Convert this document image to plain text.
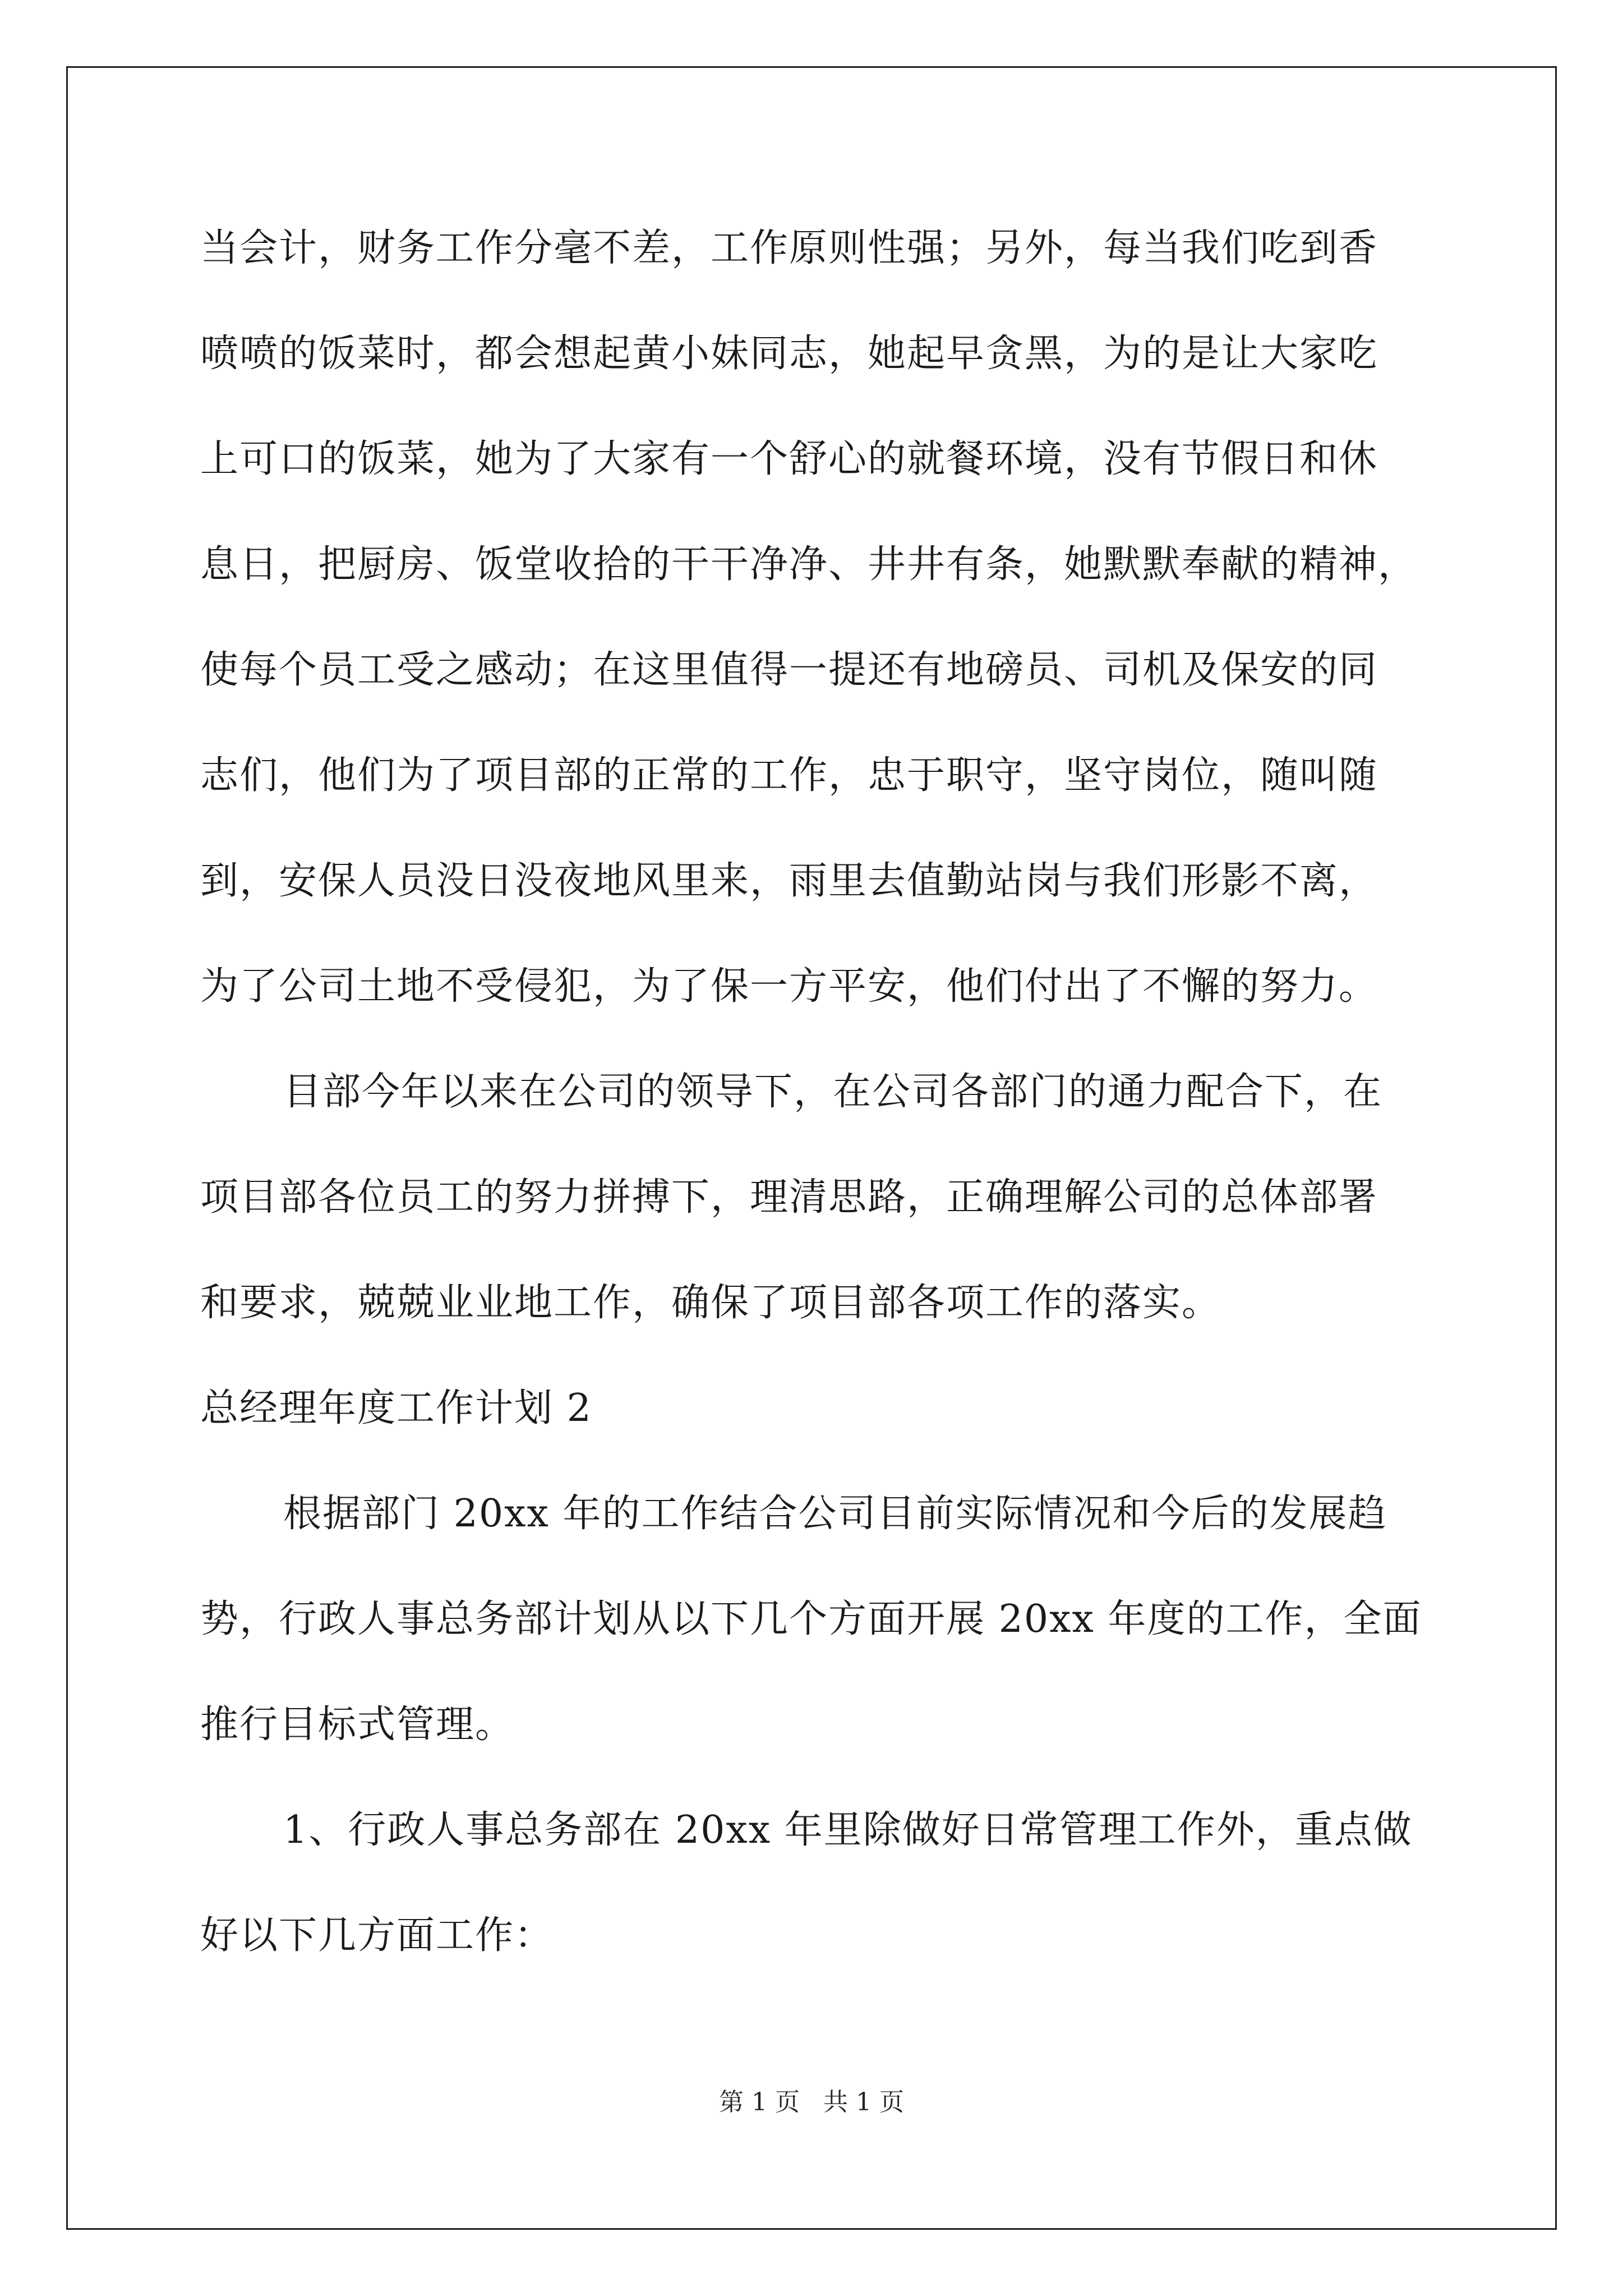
当会计，财务工作分毫不差，工作原则性强；另外，每当我们吃到香
喷喷的饭菜时，都会想起黄小妹同志，她起早贪黑，为的是让大家吃
上可口的饭菜，她为了大家有一个舒心的就餐环境，没有节假日和休
息日，把厨房、饭堂收拾的干干净净、井井有条，她默默奉献的精神，
使每个员工受之感动；在这里值得一提还有地磅员、司机及保安的同
志们，他们为了项目部的正常的工作，忠于职守，坚守岗位，随叫随
到，安保人员没日没夜地风里来，雨里去值勤站岗与我们形影不离，
为了公司土地不受侵犯，为了保一方平安，他们付出了不懈的努力。
目部今年以来在公司的领导下，在公司各部门的通力配合下，在
项目部各位员工的努力拼搏下，理清思路，正确理解公司的总体部署
和要求，兢兢业业地工作，确保了项目部各项工作的落实。
总经理年度工作计划 2
根据部门 20xx 年的工作结合公司目前实际情况和今后的发展趋
势，行政人事总务部计划从以下几个方面开展 20xx 年度的工作，全面
推行目标式管理。
1、行政人事总务部在 20xx 年里除做好日常管理工作外，重点做
好以下几方面工作：
第 1 页   共 1 页
